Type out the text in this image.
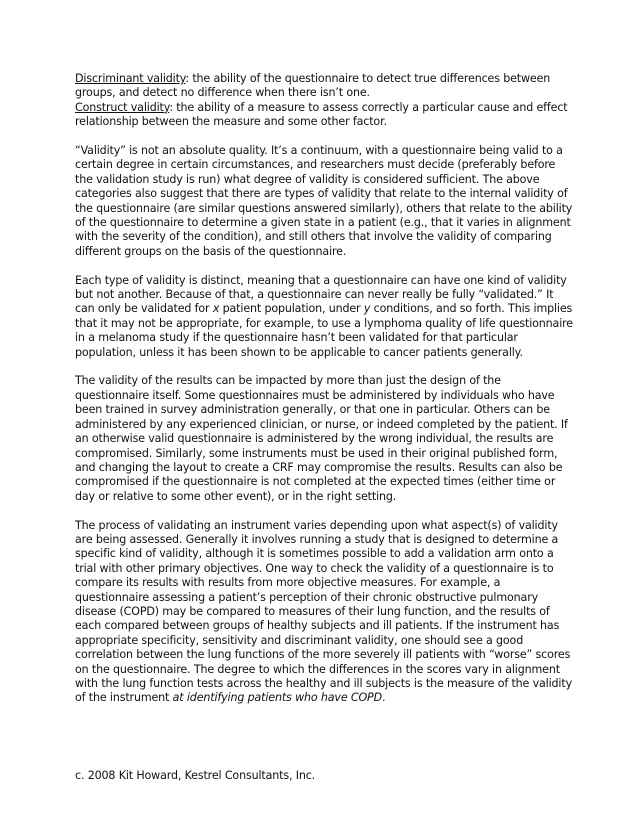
Discriminant validity: the ability of the questionnaire to detect true differences between groups, and detect no difference when there isn’t one.

Construct validity: the ability of a measure to assess correctly a particular cause and effect relationship between the measure and some other factor.

“Validity” is not an absolute quality. It’s a continuum, with a questionnaire being valid to a certain degree in certain circumstances, and researchers must decide (preferably before the validation study is run) what degree of validity is considered sufficient. The above categories also suggest that there are types of validity that relate to the internal validity of the questionnaire (are similar questions answered similarly), others that relate to the ability of the questionnaire to determine a given state in a patient (e.g., that it varies in alignment with the severity of the condition), and still others that involve the validity of comparing different groups on the basis of the questionnaire.

Each type of validity is distinct, meaning that a questionnaire can have one kind of validity but not another. Because of that, a questionnaire can never really be fully “validated.” It can only be validated for x patient population, under y conditions, and so forth. This implies that it may not be appropriate, for example, to use a lymphoma quality of life questionnaire in a melanoma study if the questionnaire hasn’t been validated for that particular population, unless it has been shown to be applicable to cancer patients generally.

The validity of the results can be impacted by more than just the design of the questionnaire itself. Some questionnaires must be administered by individuals who have been trained in survey administration generally, or that one in particular. Others can be administered by any experienced clinician, or nurse, or indeed completed by the patient. If an otherwise valid questionnaire is administered by the wrong individual, the results are compromised. Similarly, some instruments must be used in their original published form, and changing the layout to create a CRF may compromise the results. Results can also be compromised if the questionnaire is not completed at the expected times (either time or day or relative to some other event), or in the right setting.

The process of validating an instrument varies depending upon what aspect(s) of validity are being assessed. Generally it involves running a study that is designed to determine a specific kind of validity, although it is sometimes possible to add a validation arm onto a trial with other primary objectives. One way to check the validity of a questionnaire is to compare its results with results from more objective measures. For example, a questionnaire assessing a patient’s perception of their chronic obstructive pulmonary disease (COPD) may be compared to measures of their lung function, and the results of each compared between groups of healthy subjects and ill patients. If the instrument has appropriate specificity, sensitivity and discriminant validity, one should see a good correlation between the lung functions of the more severely ill patients with “worse” scores on the questionnaire. The degree to which the differences in the scores vary in alignment with the lung function tests across the healthy and ill subjects is the measure of the validity of the instrument at identifying patients who have COPD.

c. 2008 Kit Howard, Kestrel Consultants, Inc.
